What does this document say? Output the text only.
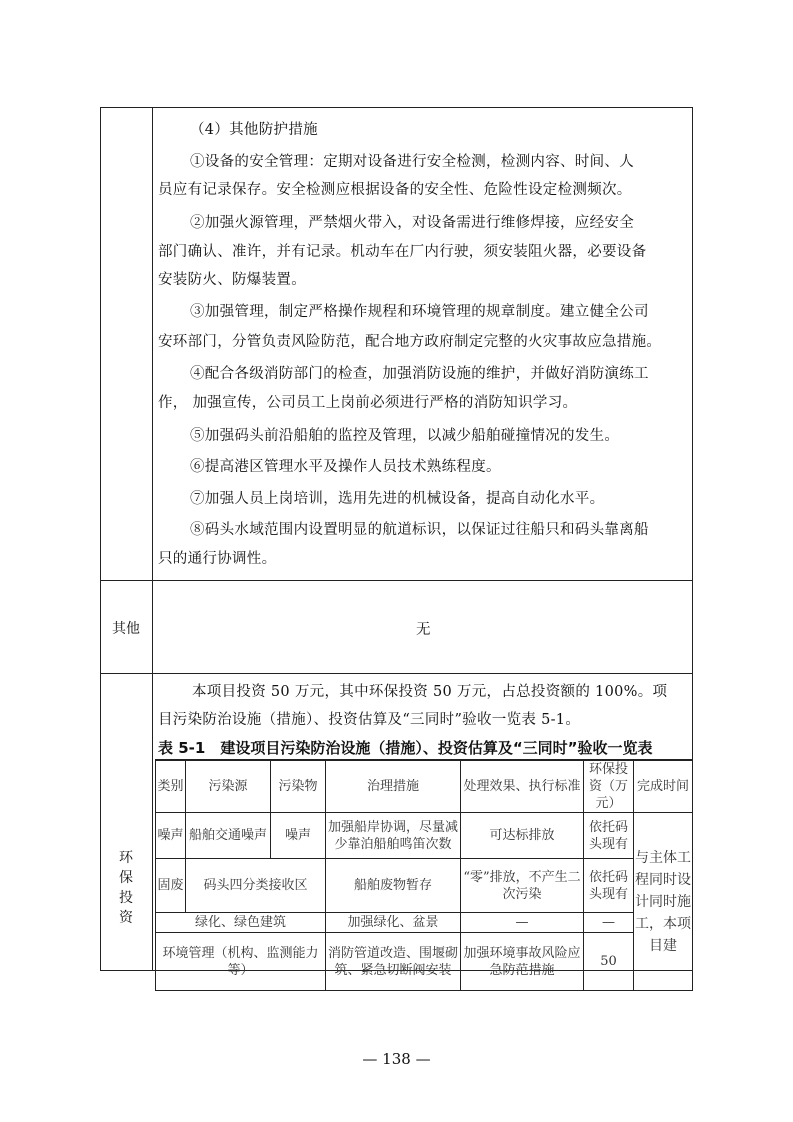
（4）其他防护措施
①设备的安全管理：定期对设备进行安全检测，检测内容、时间、人
员应有记录保存。安全检测应根据设备的安全性、危险性设定检测频次。
②加强火源管理，严禁烟火带入，对设备需进行维修焊接，应经安全
部门确认、准许，并有记录。机动车在厂内行驶，须安装阻火器，必要设备
安装防火、防爆装置。
③加强管理，制定严格操作规程和环境管理的规章制度。建立健全公司
安环部门，分管负责风险防范，配合地方政府制定完整的火灾事故应急措施。
④配合各级消防部门的检查，加强消防设施的维护，并做好消防演练工
作， 加强宣传，公司员工上岗前必须进行严格的消防知识学习。
⑤加强码头前沿船舶的监控及管理，以减少船舶碰撞情况的发生。
⑥提高港区管理水平及操作人员技术熟练程度。
⑦加强人员上岗培训，选用先进的机械设备，提高自动化水平。
⑧码头水域范围内设置明显的航道标识，以保证过往船只和码头靠离船
只的通行协调性。
其他	无
环保投资
本项目投资 50 万元，其中环保投资 50 万元，占总投资额的 100%。项
目污染防治设施（措施）、投资估算及“三同时”验收一览表 5-1。
表 5-1　建设项目污染防治设施（措施）、投资估算及“三同时”验收一览表
类别	污染源	污染物	治理措施	处理效果、执行标准	环保投资（万元）	完成时间
噪声	船舶交通噪声	噪声	加强船岸协调，尽量减少靠泊船舶鸣笛次数	可达标排放	依托码头现有	与主体工程同时设计同时施工，本项目建
固废	码头四分类接收区		船舶废物暂存	“零”排放，不产生二次污染	依托码头现有	
绿化、绿色建筑			加强绿化、盆景	—	—	
环境管理（机构、监测能力等）			消防管道改造、围堰砌筑、紧急切断阀安装	加强环境事故风险应急防范措施	50	
— 138 —
